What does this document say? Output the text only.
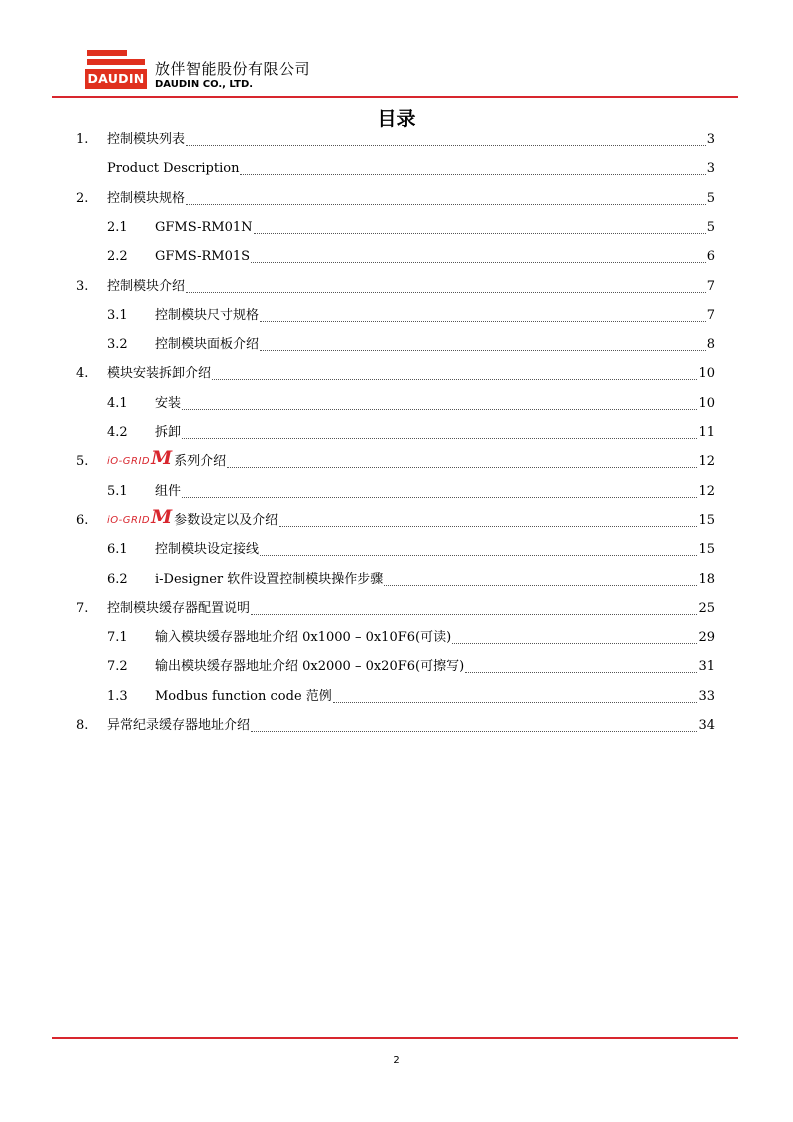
DAUDIN
放伴智能股份有限公司
DAUDIN CO., LTD.
目录
1. 控制模块列表	3
Product Description	3
2. 控制模块规格	5
2.1 GFMS-RM01N	5
2.2 GFMS-RM01S	6
3. 控制模块介绍	7
3.1 控制模块尺寸规格	7
3.2 控制模块面板介绍	8
4. 模块安装拆卸介绍	10
4.1 安装	10
4.2 拆卸	11
5. iO-GRID M 系列介绍	12
5.1 组件	12
6. iO-GRID M 参数设定以及介绍	15
6.1 控制模块设定接线	15
6.2 i-Designer 软件设置控制模块操作步骤	18
7. 控制模块缓存器配置说明	25
7.1 输入模块缓存器地址介绍 0x1000 – 0x10F6(可读)	29
7.2 输出模块缓存器地址介绍 0x2000 – 0x20F6(可擦写)	31
1.3 Modbus function code 范例	33
8. 异常纪录缓存器地址介绍	34
2
